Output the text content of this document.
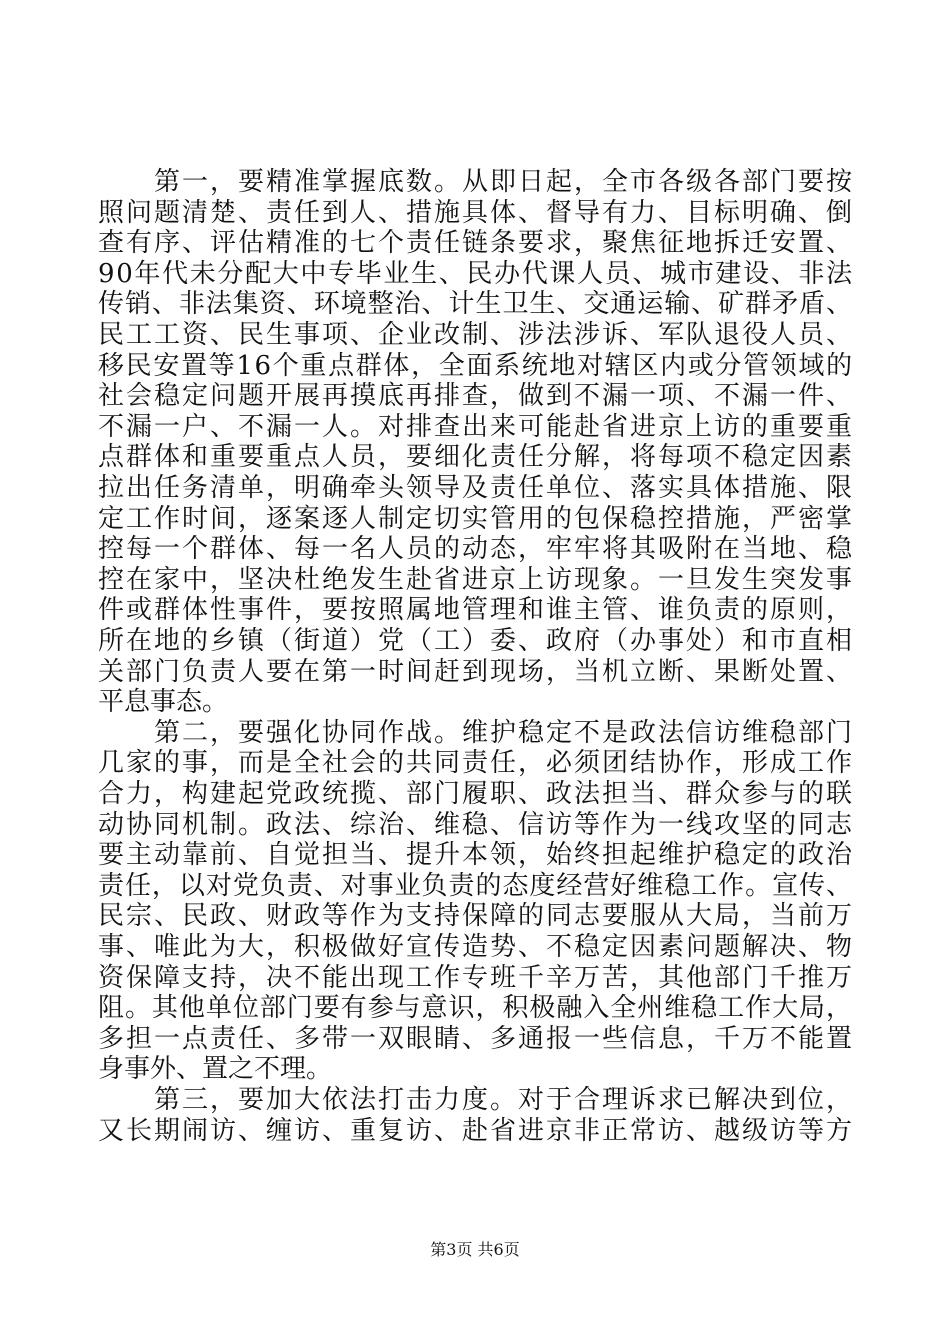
　　第一，要精准掌握底数。从即日起，全市各级各部门要按
照问题清楚、责任到人、措施具体、督导有力、目标明确、倒
查有序、评估精准的七个责任链条要求，聚焦征地拆迁安置、
90年代未分配大中专毕业生、民办代课人员、城市建设、非法
传销、非法集资、环境整治、计生卫生、交通运输、矿群矛盾、
民工工资、民生事项、企业改制、涉法涉诉、军队退役人员、
移民安置等16个重点群体，全面系统地对辖区内或分管领域的
社会稳定问题开展再摸底再排查，做到不漏一项、不漏一件、
不漏一户、不漏一人。对排查出来可能赴省进京上访的重要重
点群体和重要重点人员，要细化责任分解，将每项不稳定因素
拉出任务清单，明确牵头领导及责任单位、落实具体措施、限
定工作时间，逐案逐人制定切实管用的包保稳控措施，严密掌
控每一个群体、每一名人员的动态，牢牢将其吸附在当地、稳
控在家中，坚决杜绝发生赴省进京上访现象。一旦发生突发事
件或群体性事件，要按照属地管理和谁主管、谁负责的原则，
所在地的乡镇（街道）党（工）委、政府（办事处）和市直相
关部门负责人要在第一时间赶到现场，当机立断、果断处置、
平息事态。
　　第二，要强化协同作战。维护稳定不是政法信访维稳部门
几家的事，而是全社会的共同责任，必须团结协作，形成工作
合力，构建起党政统揽、部门履职、政法担当、群众参与的联
动协同机制。政法、综治、维稳、信访等作为一线攻坚的同志
要主动靠前、自觉担当、提升本领，始终担起维护稳定的政治
责任，以对党负责、对事业负责的态度经营好维稳工作。宣传、
民宗、民政、财政等作为支持保障的同志要服从大局，当前万
事、唯此为大，积极做好宣传造势、不稳定因素问题解决、物
资保障支持，决不能出现工作专班千辛万苦，其他部门千推万
阻。其他单位部门要有参与意识，积极融入全州维稳工作大局，
多担一点责任、多带一双眼睛、多通报一些信息，千万不能置
身事外、置之不理。
　　第三，要加大依法打击力度。对于合理诉求已解决到位，
又长期闹访、缠访、重复访、赴省进京非正常访、越级访等方
第3页 共6页
